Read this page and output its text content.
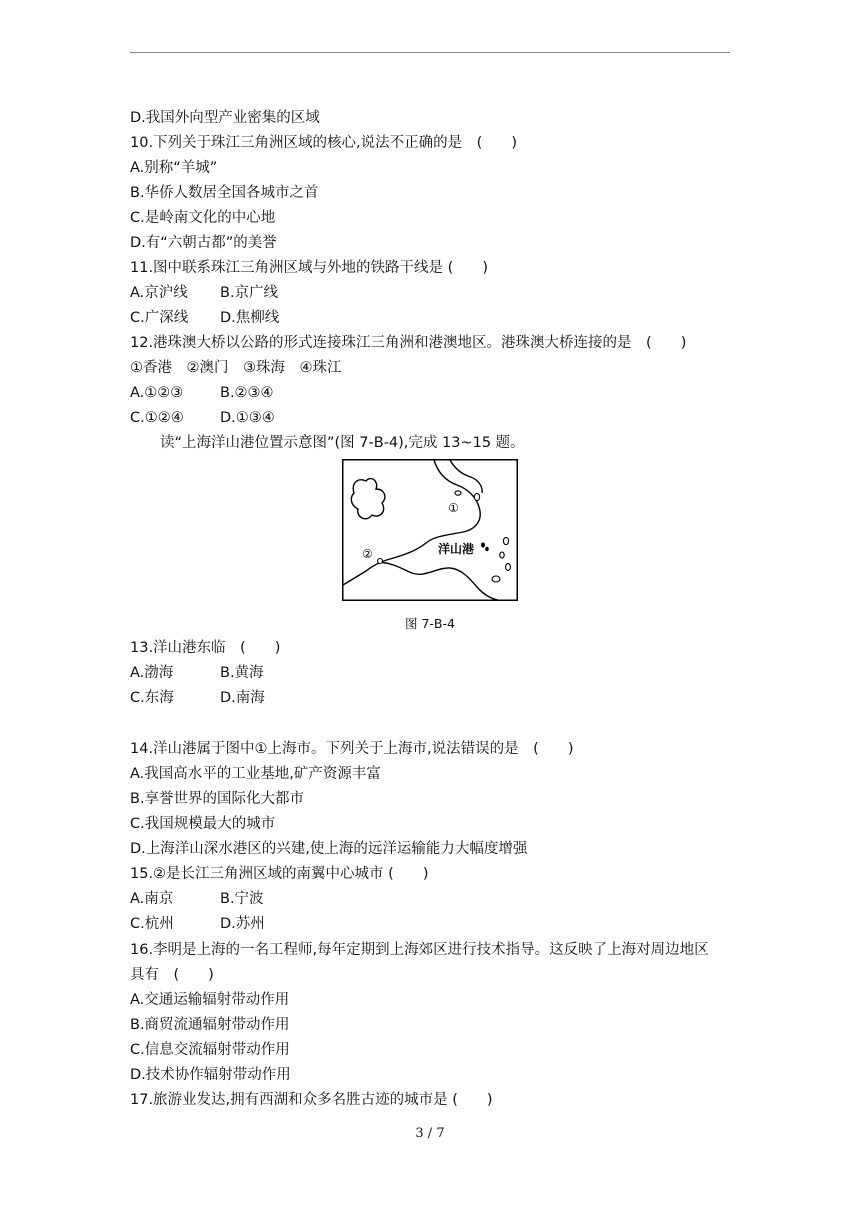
D.我国外向型产业密集的区域
10.下列关于珠江三角洲区域的核心,说法不正确的是　(　　)
A.别称“羊城”
B.华侨人数居全国各城市之首
C.是岭南文化的中心地
D.有“六朝古都”的美誉
11.图中联系珠江三角洲区域与外地的铁路干线是 (　　)
A.京沪线 B.京广线
C.广深线 D.焦柳线
12.港珠澳大桥以公路的形式连接珠江三角洲和港澳地区。港珠澳大桥连接的是　(　　)
①香港　②澳门　③珠海　④珠江
A.①②③	B.②③④
C.①②④	D.①③④
读“上海洋山港位置示意图”(图 7-B-4),完成 13~15 题。
①
②	洋山港
图 7-B-4
13.洋山港东临　(　　)
A.渤海	B.黄海
C.东海	D.南海
14.洋山港属于图中①上海市。下列关于上海市,说法错误的是　(　　)
A.我国高水平的工业基地,矿产资源丰富
B.享誉世界的国际化大都市
C.我国规模最大的城市
D.上海洋山深水港区的兴建,使上海的远洋运输能力大幅度增强
15.②是长江三角洲区域的南翼中心城市 (　　)
A.南京	B.宁波
C.杭州	D.苏州
16.李明是上海的一名工程师,每年定期到上海郊区进行技术指导。这反映了上海对周边地区
具有　(　　)
A.交通运输辐射带动作用
B.商贸流通辐射带动作用
C.信息交流辐射带动作用
D.技术协作辐射带动作用
17.旅游业发达,拥有西湖和众多名胜古迹的城市是 (　　)
3 / 7
